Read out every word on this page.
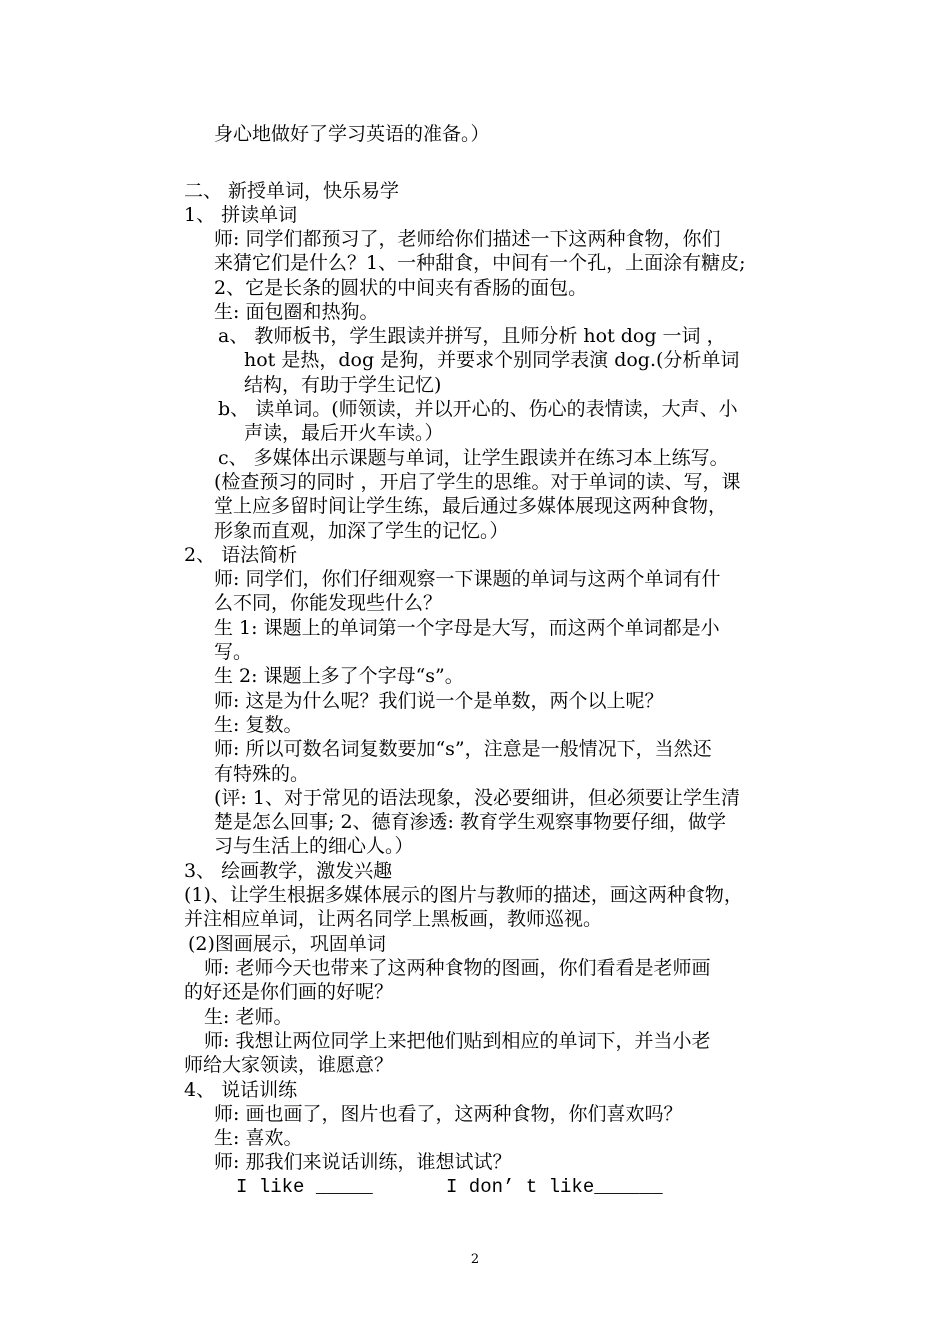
身心地做好了学习英语的准备。）
二、 新授单词，快乐易学
1、 拼读单词
师: 同学们都预习了，老师给你们描述一下这两种食物，你们
来猜它们是什么？1、一种甜食，中间有一个孔，上面涂有糖皮;
2、它是长条的圆状的中间夹有香肠的面包。
生: 面包圈和热狗。
a、 教师板书，学生跟读并拼写，且师分析 hot dog 一词 ，
hot 是热，dog 是狗，并要求个别同学表演 dog.(分析单词
结构，有助于学生记忆)
b、 读单词。(师领读，并以开心的、伤心的表情读，大声、小
声读，最后开火车读。）
c、 多媒体出示课题与单词，让学生跟读并在练习本上练写。
(检查预习的同时 ，开启了学生的思维。对于单词的读、写，课
堂上应多留时间让学生练，最后通过多媒体展现这两种食物，
形象而直观，加深了学生的记忆。）
2、 语法简析
师: 同学们，你们仔细观察一下课题的单词与这两个单词有什
么不同，你能发现些什么？
生 1: 课题上的单词第一个字母是大写，而这两个单词都是小
写。
生 2: 课题上多了个字母“s”。
师: 这是为什么呢？我们说一个是单数，两个以上呢？
生: 复数。
师: 所以可数名词复数要加“s”，注意是一般情况下，当然还
有特殊的。
(评: 1、对于常见的语法现象，没必要细讲，但必须要让学生清
楚是怎么回事; 2、德育渗透: 教育学生观察事物要仔细，做学
习与生活上的细心人。）
3、 绘画教学，激发兴趣
(1)、让学生根据多媒体展示的图片与教师的描述，画这两种食物，
并注相应单词，让两名同学上黑板画，教师巡视。
(2)图画展示，巩固单词
师: 老师今天也带来了这两种食物的图画，你们看看是老师画
的好还是你们画的好呢？
生: 老师。
师: 我想让两位同学上来把他们贴到相应的单词下，并当小老
师给大家领读，谁愿意？
4、 说话训练
师: 画也画了，图片也看了，这两种食物，你们喜欢吗？
生: 喜欢。
师: 那我们来说话训练，谁想试试？
I like _____	I don’ t like______
2
